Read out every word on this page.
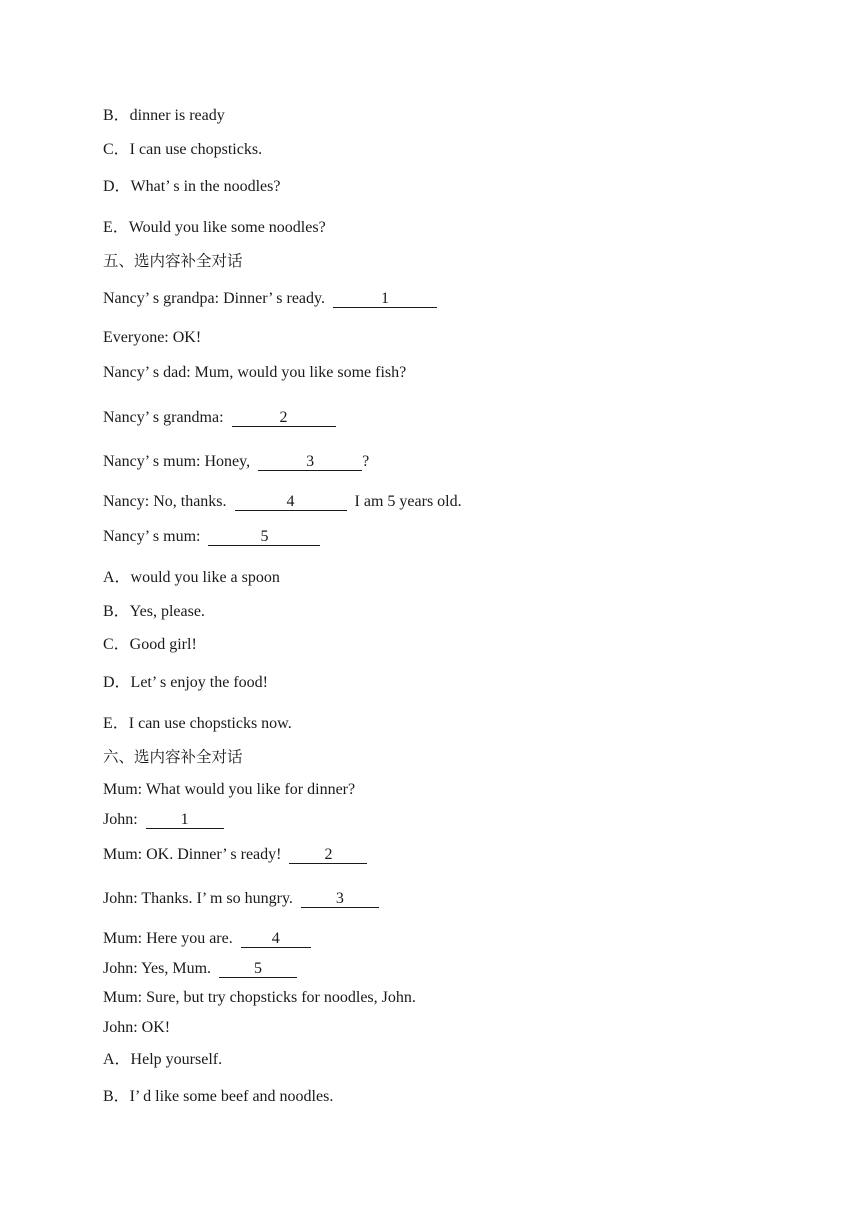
B．dinner is ready
C．I can use chopsticks.
D．What’ s in the noodles?
E．Would you like some noodles?
五、选内容补全对话
Nancy’ s grandpa: Dinner’ s ready.	1
Everyone: OK!
Nancy’ s dad: Mum, would you like some fish?
Nancy’ s grandma:	2
Nancy’ s mum: Honey,	3	?
Nancy: No, thanks.	4	I am 5 years old.
Nancy’ s mum:	5
A．would you like a spoon
B．Yes, please.
C．Good girl!
D．Let’ s enjoy the food!
E．I can use chopsticks now.
六、选内容补全对话
Mum: What would you like for dinner?
John:	1
Mum: OK. Dinner’ s ready!	2
John: Thanks. I’ m so hungry.	3
Mum: Here you are. 4
John: Yes, Mum.	5
Mum: Sure, but try chopsticks for noodles, John.
John: OK!
A．Help yourself.
B．I’ d like some beef and noodles.
